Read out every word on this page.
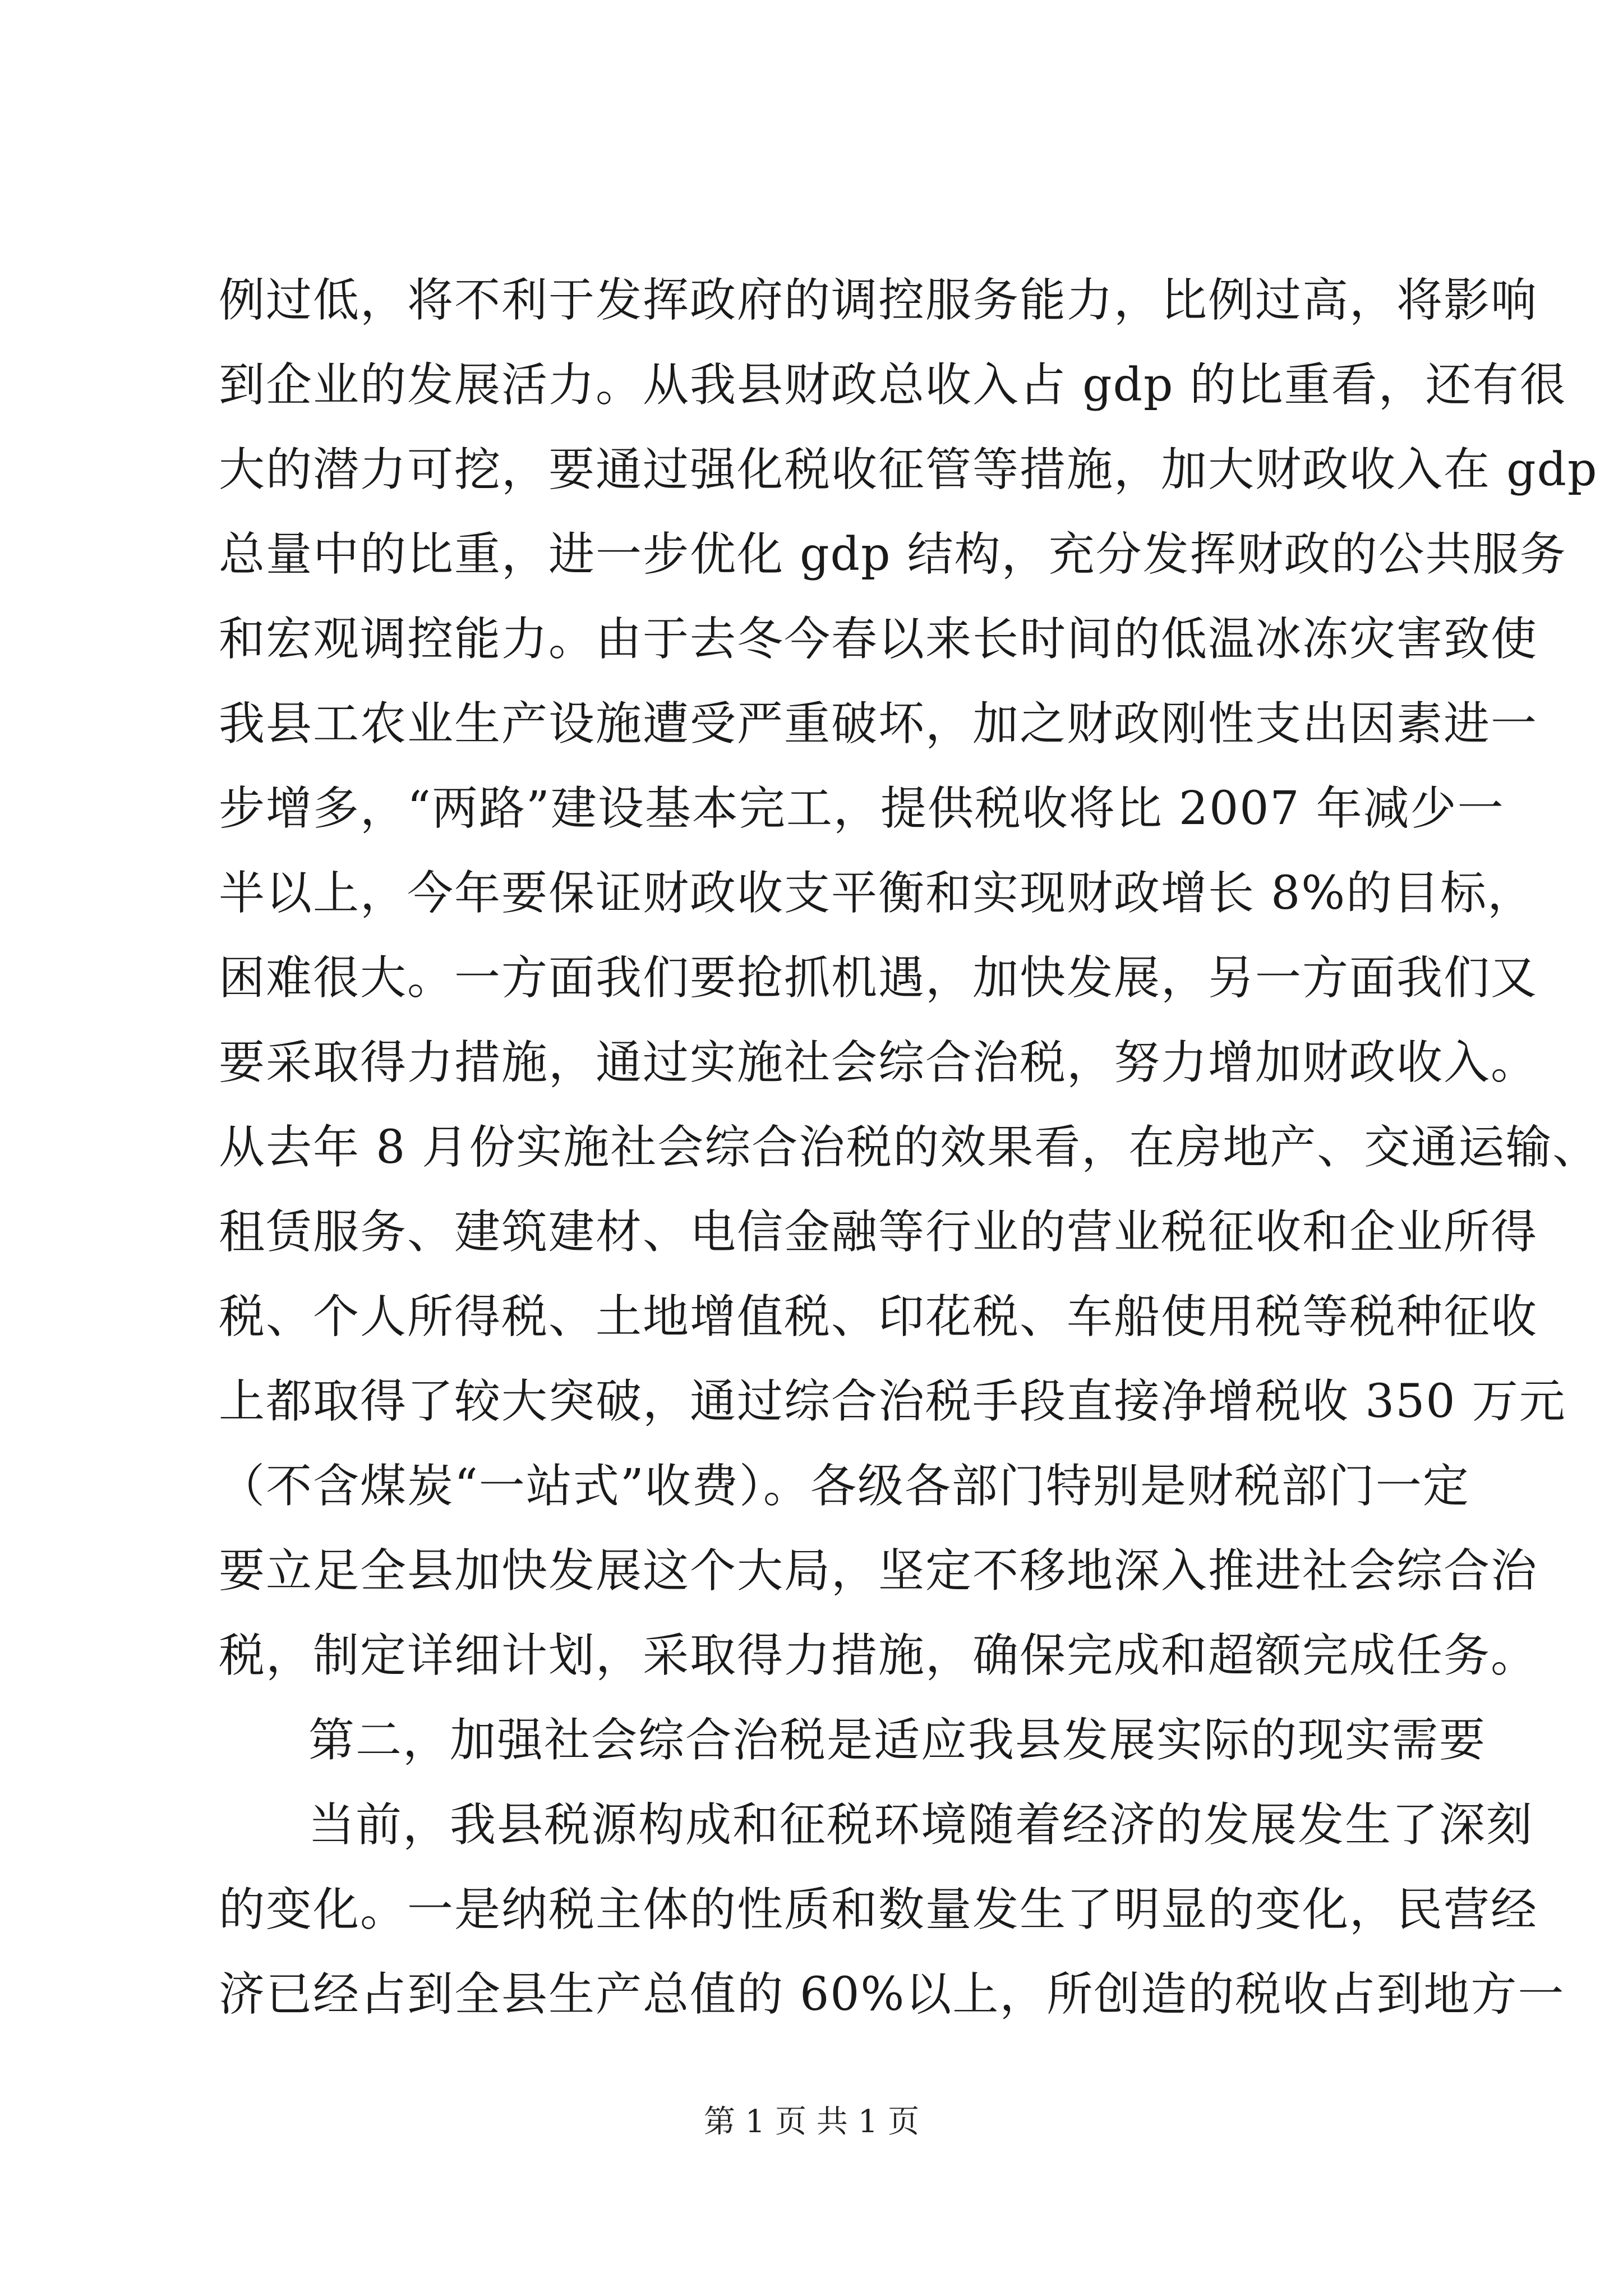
例过低，将不利于发挥政府的调控服务能力，比例过高，将影响
到企业的发展活力。从我县财政总收入占 gdp 的比重看，还有很
大的潜力可挖，要通过强化税收征管等措施，加大财政收入在 gdp
总量中的比重，进一步优化 gdp 结构，充分发挥财政的公共服务
和宏观调控能力。由于去冬今春以来长时间的低温冰冻灾害致使
我县工农业生产设施遭受严重破坏，加之财政刚性支出因素进一
步增多，“两路”建设基本完工，提供税收将比 2007 年减少一
半以上，今年要保证财政收支平衡和实现财政增长 8%的目标，
困难很大。一方面我们要抢抓机遇，加快发展，另一方面我们又
要采取得力措施，通过实施社会综合治税，努力增加财政收入。
从去年 8 月份实施社会综合治税的效果看，在房地产、交通运输、
租赁服务、建筑建材、电信金融等行业的营业税征收和企业所得
税、个人所得税、土地增值税、印花税、车船使用税等税种征收
上都取得了较大突破，通过综合治税手段直接净增税收 350 万元
（不含煤炭“一站式”收费）。各级各部门特别是财税部门一定
要立足全县加快发展这个大局，坚定不移地深入推进社会综合治
税，制定详细计划，采取得力措施，确保完成和超额完成任务。
第二，加强社会综合治税是适应我县发展实际的现实需要
当前，我县税源构成和征税环境随着经济的发展发生了深刻
的变化。一是纳税主体的性质和数量发生了明显的变化，民营经
济已经占到全县生产总值的 60%以上，所创造的税收占到地方一
第 1 页 共 1 页
